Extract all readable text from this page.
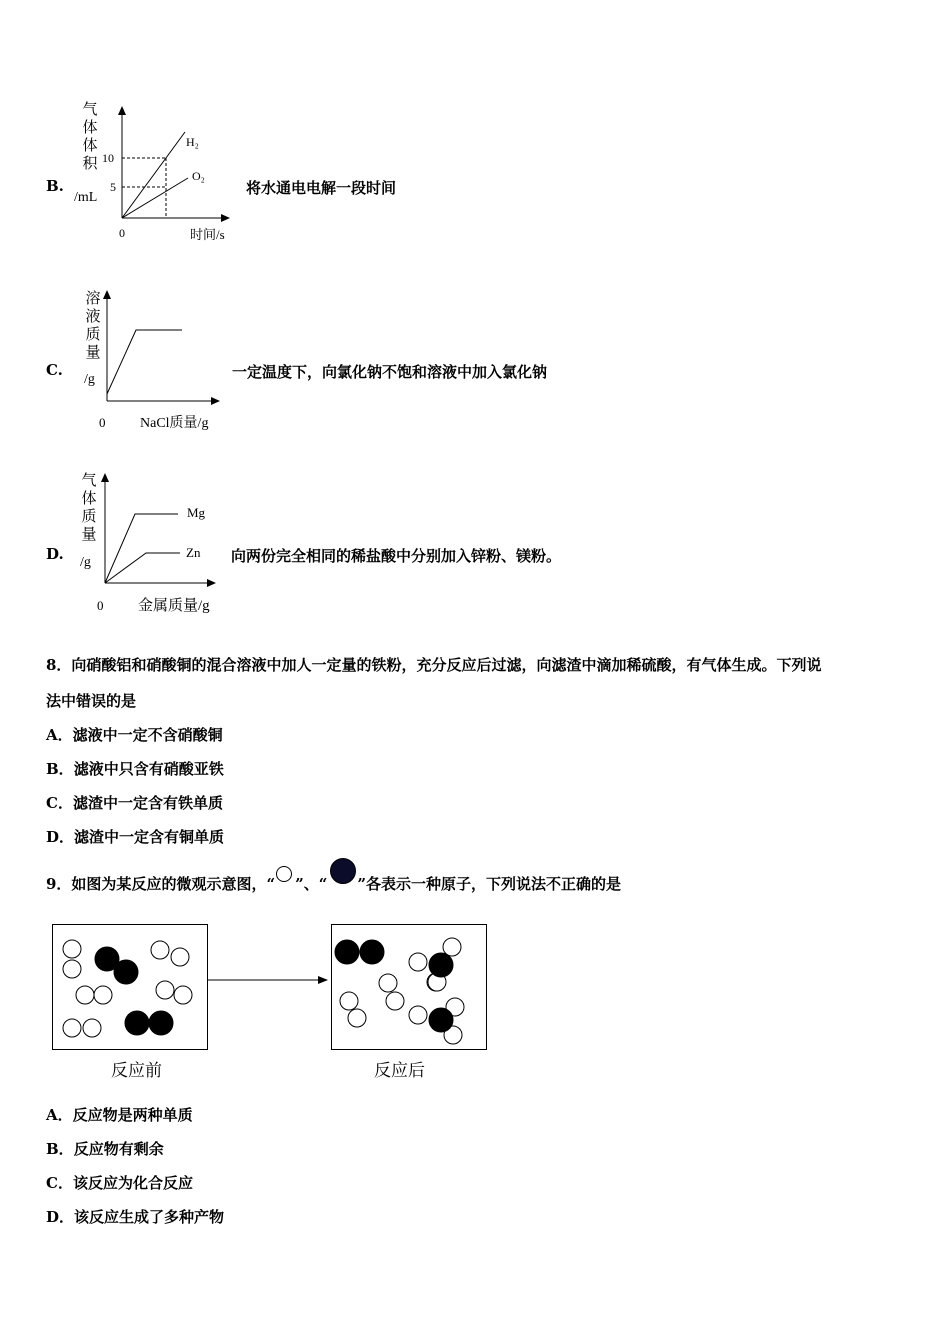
B.
气
体
体
积
/mL
10
5
H₂
O₂
0	时间/s
将水通电电解一段时间
C.
溶
液
质
量
/g
0 NaCl质量/g
一定温度下，向氯化钠不饱和溶液中加入氯化钠
D.
气
体
质
量
/g
Mg
Zn
0 金属质量/g
向两份完全相同的稀盐酸中分别加入锌粉、镁粉。
8．向硝酸铝和硝酸铜的混合溶液中加人一定量的铁粉，充分反应后过滤，向滤渣中滴加稀硫酸，有气体生成。下列说
法中错误的是
A．滤液中一定不含硝酸铜
B．滤液中只含有硝酸亚铁
C．滤渣中一定含有铁单质
D．滤渣中一定含有铜单质
9．如图为某反应的微观示意图，“ ”、“ ”各表示一种原子，下列说法不正确的是
反应前	反应后
A．反应物是两种单质
B．反应物有剩余
C．该反应为化合反应
D．该反应生成了多种产物
